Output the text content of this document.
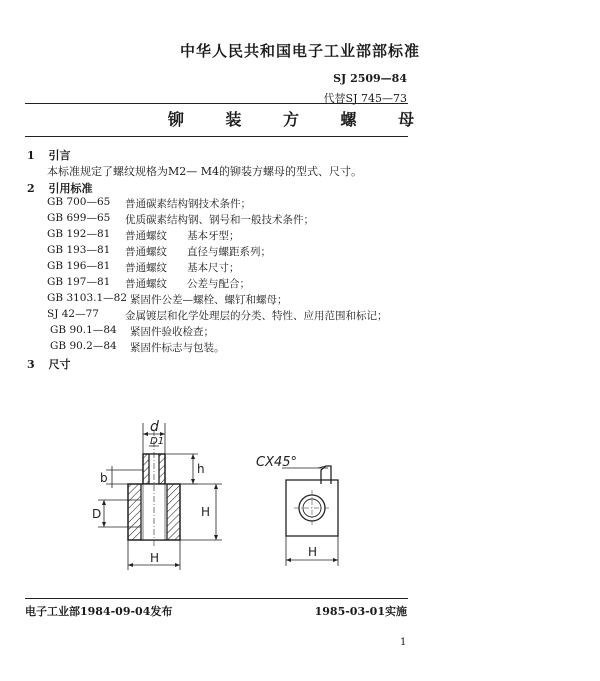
中华人民共和国电子工业部部标准
SJ 2509—84
代替SJ 745—73
铆 装 方 螺 母
1 引言
本标准规定了螺纹规格为M2— M4的铆装方螺母的型式、尺寸。
2 引用标准
GB 700—65 普通碳素结构钢技术条件；
GB 699—65 优质碳素结构钢、钢号和一般技术条件；
GB 192—81 普通螺纹      基本牙型；
GB 193—81 普通螺纹      直径与螺距系列；
GB 196—81 普通螺纹      基本尺寸；
GB 197—81 普通螺纹      公差与配合；
GB 3103.1—82 紧固件公差—螺栓、螺钉和螺母；
SJ 42—77 金属镀层和化学处理层的分类、特性、应用范围和标记；
GB 90.1—84 紧固件验收检查；
GB 90.2—84 紧固件标志与包装。
3 尺寸
d
D1
h
b
D	H
H
CX45°
H
电子工业部1984-09-04发布	1985-03-01实施
1
